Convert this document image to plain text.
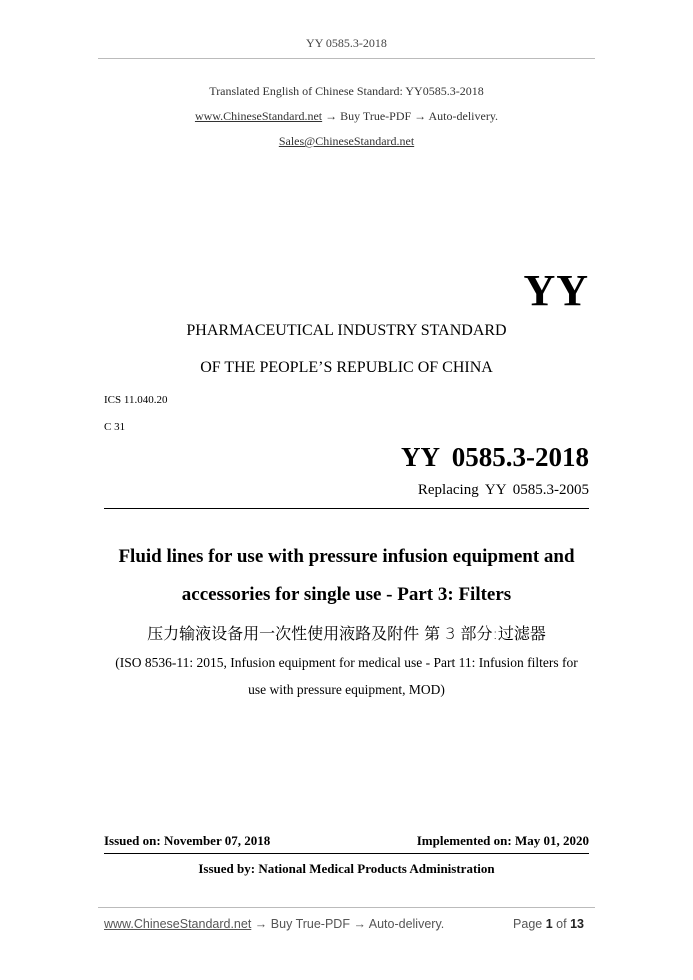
YY 0585.3-2018
Translated English of Chinese Standard: YY0585.3-2018
www.ChineseStandard.net → Buy True-PDF → Auto-delivery.
Sales@ChineseStandard.net
YY
PHARMACEUTICAL INDUSTRY STANDARD
OF THE PEOPLE’S REPUBLIC OF CHINA
ICS 11.040.20
C 31
YY 0585.3-2018
Replacing YY 0585.3-2005
Fluid lines for use with pressure infusion equipment and
accessories for single use - Part 3: Filters
压力输液设备用一次性使用液路及附件 第 3 部分:过滤器
(ISO 8536-11: 2015, Infusion equipment for medical use - Part 11: Infusion filters for
use with pressure equipment, MOD)
Issued on: November 07, 2018	Implemented on: May 01, 2020
Issued by: National Medical Products Administration
www.ChineseStandard.net → Buy True-PDF → Auto-delivery.	Page 1 of 13
